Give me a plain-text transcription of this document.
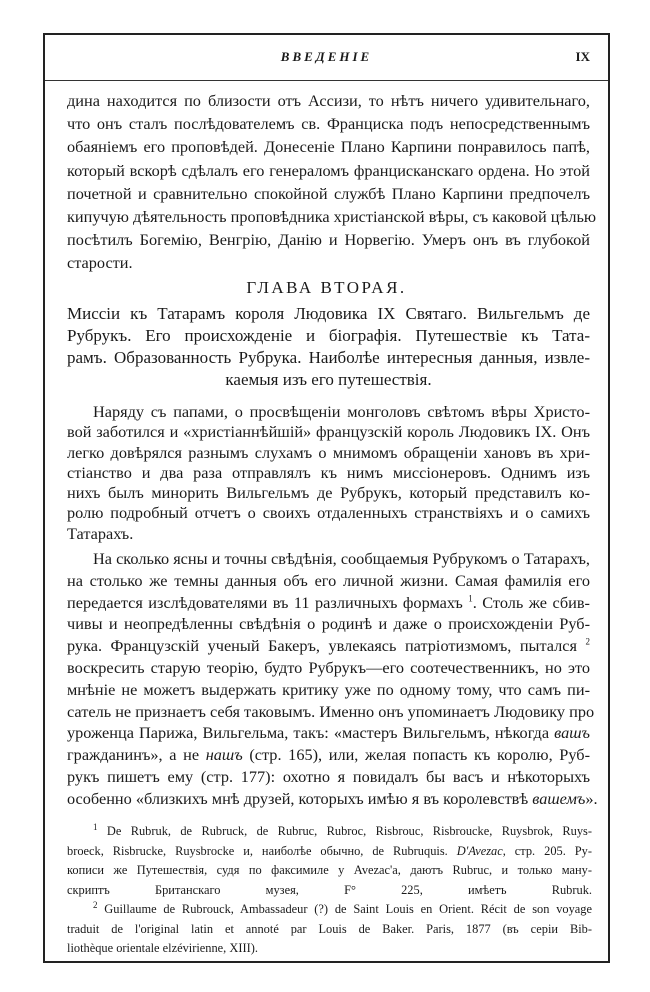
ВВЕДЕНІЕ	IX
дина находится по близости отъ Ассизи, то нѣтъ ничего удивительнаго,
что онъ сталъ послѣдователемъ св. Франциска подъ непосредственнымъ
обаяніемъ его проповѣдей. Донесеніе Плано Карпини понравилось папѣ,
который вскорѣ сдѣлалъ его генераломъ францисканскаго ордена. Но этой
почетной и сравнительно спокойной службѣ Плано Карпини предпочелъ
кипучую дѣятельность проповѣдника христіанской вѣры, съ каковой цѣлью
посѣтилъ Богемію, Венгрію, Данію и Норвегію. Умеръ онъ въ глубокой
старости.
ГЛАВА ВТОРАЯ.
Миссіи къ Татарамъ короля Людовика IX Святаго. Вильгельмъ де
Рубрукъ. Его происхожденіе и біографія. Путешествіе къ Тата-
рамъ. Образованность Рубрука. Наиболѣе интересныя данныя, извле-
каемыя изъ его путешествія.
Наряду съ папами, о просвѣщеніи монголовъ свѣтомъ вѣры Христо-
вой заботился и «христіаннѣйшій» французскій король Людовикъ IX. Онъ
легко довѣрялся разнымъ слухамъ о мнимомъ обращеніи хановъ въ хри-
стіанство и два раза отправлялъ къ нимъ миссіонеровъ. Однимъ изъ
нихъ былъ минорить Вильгельмъ де Рубрукъ, который представилъ ко-
ролю подробный отчетъ о своихъ отдаленныхъ странствіяхъ и о самихъ
Татарахъ.
На сколько ясны и точны свѣдѣнія, сообщаемыя Рубрукомъ о Татарахъ,
на столько же темны данныя объ его личной жизни. Самая фамилія его
передается изслѣдователями въ 11 различныхъ формахъ $^1$. Столь же сбив-
чивы и неопредѣленны свѣдѣнія о родинѣ и даже о происхожденіи Руб-
рука. Французскій ученый Бакеръ, увлекаясь патріотизмомъ, пытался $^2$
воскресить старую теорію, будто Рубрукъ—его соотечественникъ, но это
мнѣніе не можетъ выдержать критику уже по одному тому, что самъ пи-
сатель не признаетъ себя таковымъ. Именно онъ упоминаетъ Людовику про
уроженца Парижа, Вильгельма, такъ: «мастеръ Вильгельмъ, нѣкогда вашъ
гражданинъ», а не нашъ (стр. 165), или, желая попасть къ королю, Руб-
рукъ пишетъ ему (стр. 177): охотно я повидалъ бы васъ и нѣкоторыхъ
особенно «близкихъ мнѣ друзей, которыхъ имѣю я въ королевствѣ вашемъ».
$^1$ De Rubruk, de Rubruck, de Rubruc, Rubroc, Risbrouc, Risbroucke, Ruysbrok, Ruys-
broeck, Risbrucke, Ruysbrocke и, наиболѣе обычно, de Rubruquis. D'Avezac, стр. 205. Ру-
кописи же Путешествія, судя по факсимиле у Avezac'a, даютъ Rubruc, и только ману-
скриптъ Британскаго музея, F° 225, имѣетъ Rubruk.
$^2$ Guillaume de Rubrouck, Ambassadeur (?) de Saint Louis en Orient. Récit de son voyage
traduit de l'original latin et annoté par Louis de Baker. Paris, 1877 (въ серіи Bib-
liothèque orientale elzévirienne, XIII).
